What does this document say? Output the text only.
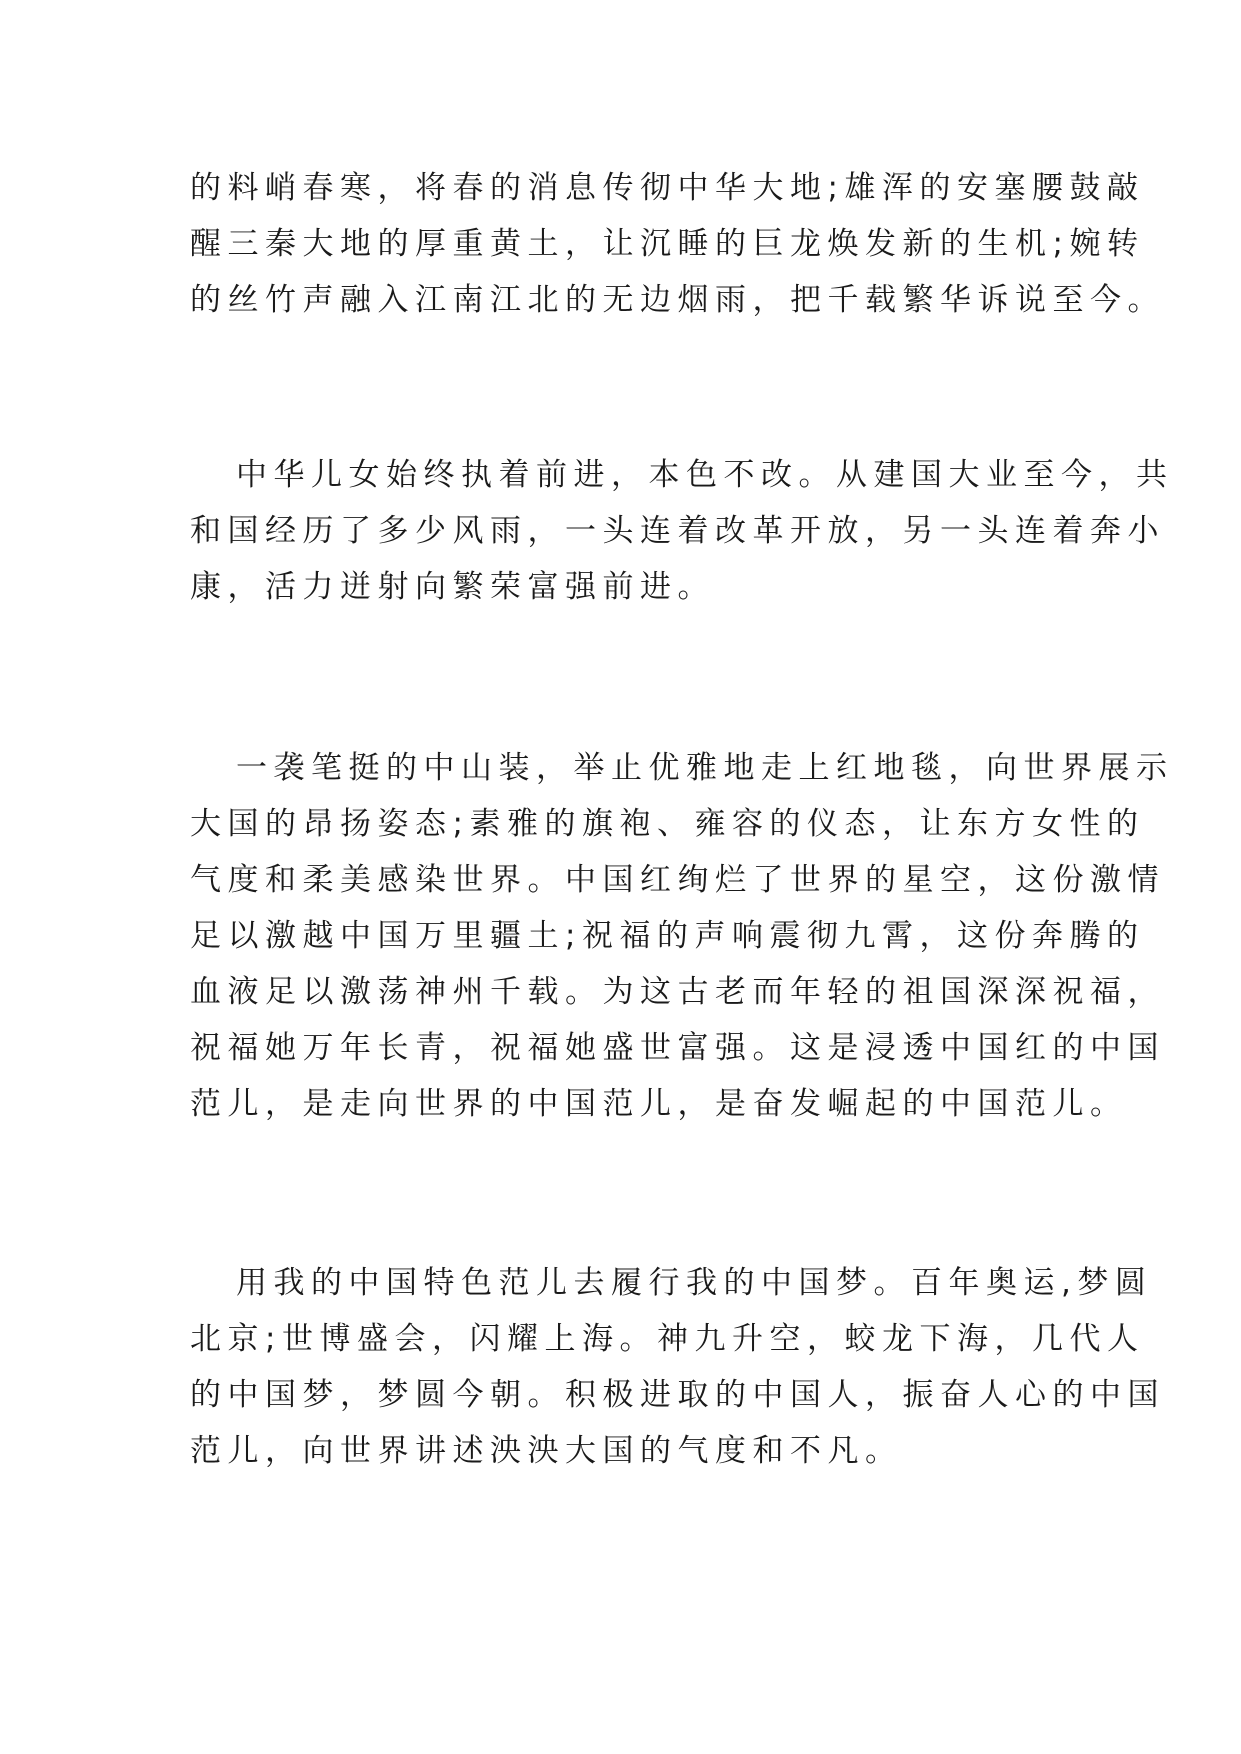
的料峭春寒，将春的消息传彻中华大地;雄浑的安塞腰鼓敲
醒三秦大地的厚重黄土，让沉睡的巨龙焕发新的生机;婉转
的丝竹声融入江南江北的无边烟雨，把千载繁华诉说至今。
中华儿女始终执着前进，本色不改。从建国大业至今，共
和国经历了多少风雨，一头连着改革开放，另一头连着奔小
康，活力迸射向繁荣富强前进。
一袭笔挺的中山装，举止优雅地走上红地毯，向世界展示
大国的昂扬姿态;素雅的旗袍、雍容的仪态，让东方女性的
气度和柔美感染世界。中国红绚烂了世界的星空，这份激情
足以激越中国万里疆土;祝福的声响震彻九霄，这份奔腾的
血液足以激荡神州千载。为这古老而年轻的祖国深深祝福，
祝福她万年长青，祝福她盛世富强。这是浸透中国红的中国
范儿，是走向世界的中国范儿，是奋发崛起的中国范儿。
用我的中国特色范儿去履行我的中国梦。百年奥运,梦圆
北京;世博盛会，闪耀上海。神九升空，蛟龙下海，几代人
的中国梦，梦圆今朝。积极进取的中国人，振奋人心的中国
范儿，向世界讲述泱泱大国的气度和不凡。
